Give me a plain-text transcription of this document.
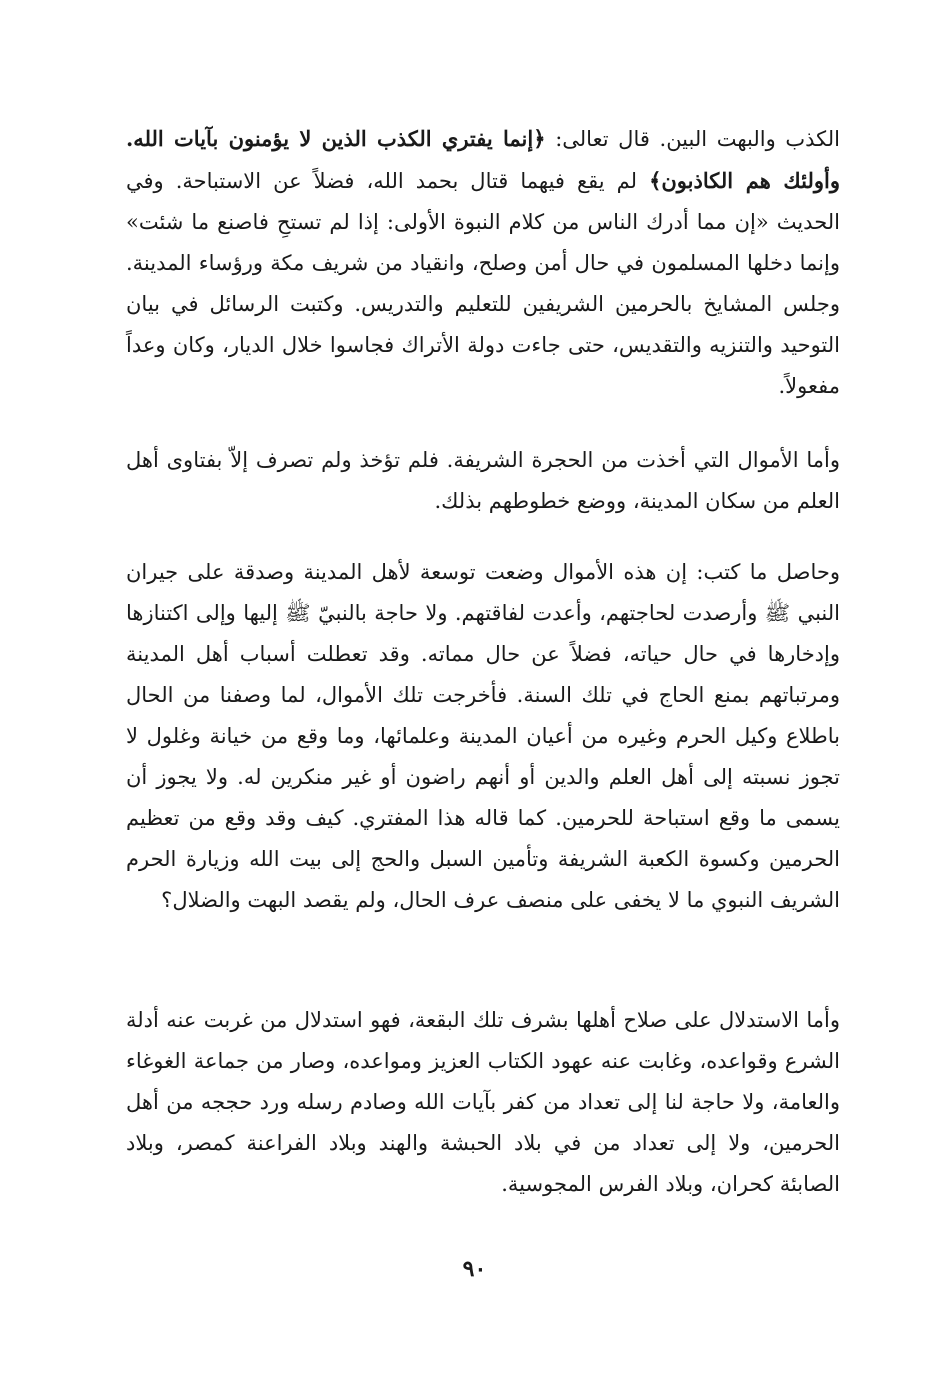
الكذب والبهت البين. قال تعالى: ﴿إنما يفتري الكذب الذين لا يؤمنون بآيات الله. وأولئك هم الكاذبون﴾ لم يقع فيهما قتال بحمد الله، فضلاً عن الاستباحة. وفي الحديث «إن مما أدرك الناس من كلام النبوة الأولى: إذا لم تستحِ فاصنع ما شئت» وإنما دخلها المسلمون في حال أمن وصلح، وانقياد من شريف مكة ورؤساء المدينة. وجلس المشايخ بالحرمين الشريفين للتعليم والتدريس. وكتبت الرسائل في بيان التوحيد والتنزيه والتقديس، حتى جاءت دولة الأتراك فجاسوا خلال الديار، وكان وعداً مفعولاً.

وأما الأموال التي أخذت من الحجرة الشريفة. فلم تؤخذ ولم تصرف إلاّ بفتاوى أهل العلم من سكان المدينة، ووضع خطوطهم بذلك.

وحاصل ما كتب: إن هذه الأموال وضعت توسعة لأهل المدينة وصدقة على جيران النبي ﷺ وأرصدت لحاجتهم، وأعدت لفاقتهم. ولا حاجة بالنبيّ ﷺ إليها وإلى اكتنازها وإدخارها في حال حياته، فضلاً عن حال مماته. وقد تعطلت أسباب أهل المدينة ومرتباتهم بمنع الحاج في تلك السنة. فأخرجت تلك الأموال، لما وصفنا من الحال باطلاع وكيل الحرم وغيره من أعيان المدينة وعلمائها، وما وقع من خيانة وغلول لا تجوز نسبته إلى أهل العلم والدين أو أنهم راضون أو غير منكرين له. ولا يجوز أن يسمى ما وقع استباحة للحرمين. كما قاله هذا المفتري. كيف وقد وقع من تعظيم الحرمين وكسوة الكعبة الشريفة وتأمين السبل والحج إلى بيت الله وزيارة الحرم الشريف النبوي ما لا يخفى على منصف عرف الحال، ولم يقصد البهت والضلال؟

وأما الاستدلال على صلاح أهلها بشرف تلك البقعة، فهو استدلال من غربت عنه أدلة الشرع وقواعده، وغابت عنه عهود الكتاب العزيز ومواعده، وصار من جماعة الغوغاء والعامة، ولا حاجة لنا إلى تعداد من كفر بآيات الله وصادم رسله ورد حججه من أهل الحرمين، ولا إلى تعداد من في بلاد الحبشة والهند وبلاد الفراعنة كمصر، وبلاد الصابئة كحران، وبلاد الفرس المجوسية.

٩٠
